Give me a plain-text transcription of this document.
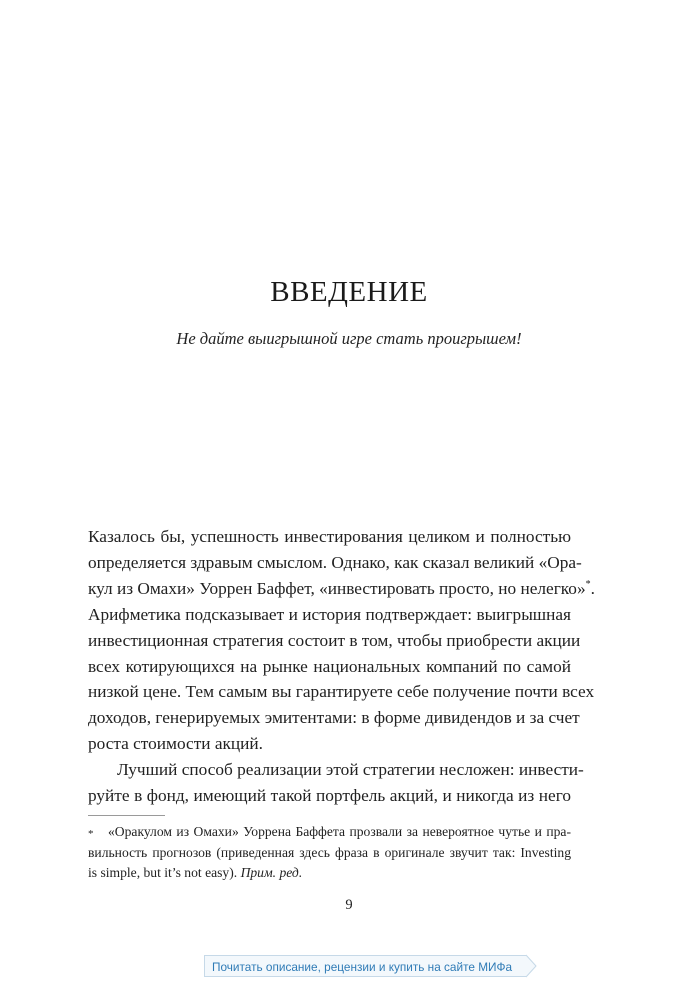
ВВЕДЕНИЕ
Не дайте выигрышной игре стать проигрышем!

Казалось бы, успешность инвестирования целиком и полностью
определяется здравым смыслом. Однако, как сказал великий «Ора-
кул из Омахи» Уоррен Баффет, «инвестировать просто, но нелегко»*.
Арифметика подсказывает и история подтверждает: выигрышная
инвестиционная стратегия состоит в том, чтобы приобрести акции
всех котирующихся на рынке национальных компаний по самой
низкой цене. Тем самым вы гарантируете себе получение почти всех
доходов, генерируемых эмитентами: в форме дивидендов и за счет
роста стоимости акций.

Лучший способ реализации этой стратегии несложен: инвести-
руйте в фонд, имеющий такой портфель акций, и никогда из него

* «Оракулом из Омахи» Уоррена Баффета прозвали за невероятное чутье и пра-
вильность прогнозов (приведенная здесь фраза в оригинале звучит так: Investing
is simple, but it’s not easy). Прим. ред.
9
Почитать описание, рецензии и купить на сайте МИФа
